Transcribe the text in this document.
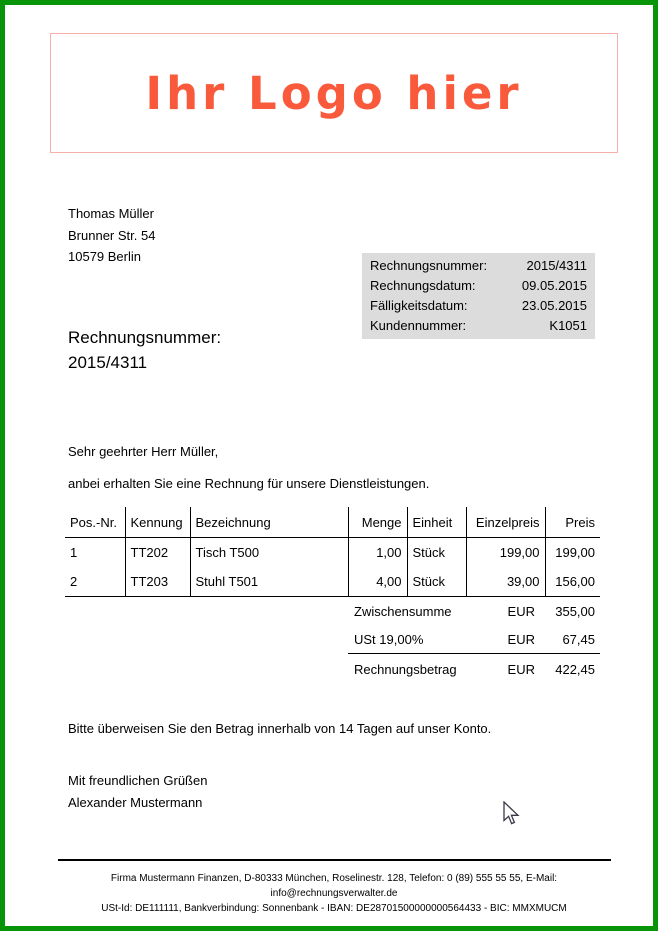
Ihr Logo hier
Thomas Müller
Brunner Str. 54
10579 Berlin
Rechnungsnummer:	2015/4311
Rechnungsdatum:	09.05.2015
Fälligkeitsdatum:	23.05.2015
Kundennummer:	K1051
Rechnungsnummer:
2015/4311
Sehr geehrter Herr Müller,
anbei erhalten Sie eine Rechnung für unsere Dienstleistungen.
Pos.-Nr.	Kennung	Bezeichnung	Menge	Einheit	Einzelpreis	Preis
1	TT202	Tisch T500	1,00	Stück	199,00	199,00
2	TT203	Stuhl T501	4,00	Stück	39,00	156,00
Zwischensumme	EUR	355,00
USt 19,00%	EUR	67,45
Rechnungsbetrag	EUR	422,45
Bitte überweisen Sie den Betrag innerhalb von 14 Tagen auf unser Konto.
Mit freundlichen Grüßen
Alexander Mustermann
Firma Mustermann Finanzen, D-80333 München, Roselinestr. 128, Telefon: 0 (89) 555 55 55, E-Mail:
info@rechnungsverwalter.de
USt-Id: DE111111, Bankverbindung: Sonnenbank - IBAN: DE28701500000000564433 - BIC: MMXMUCM
